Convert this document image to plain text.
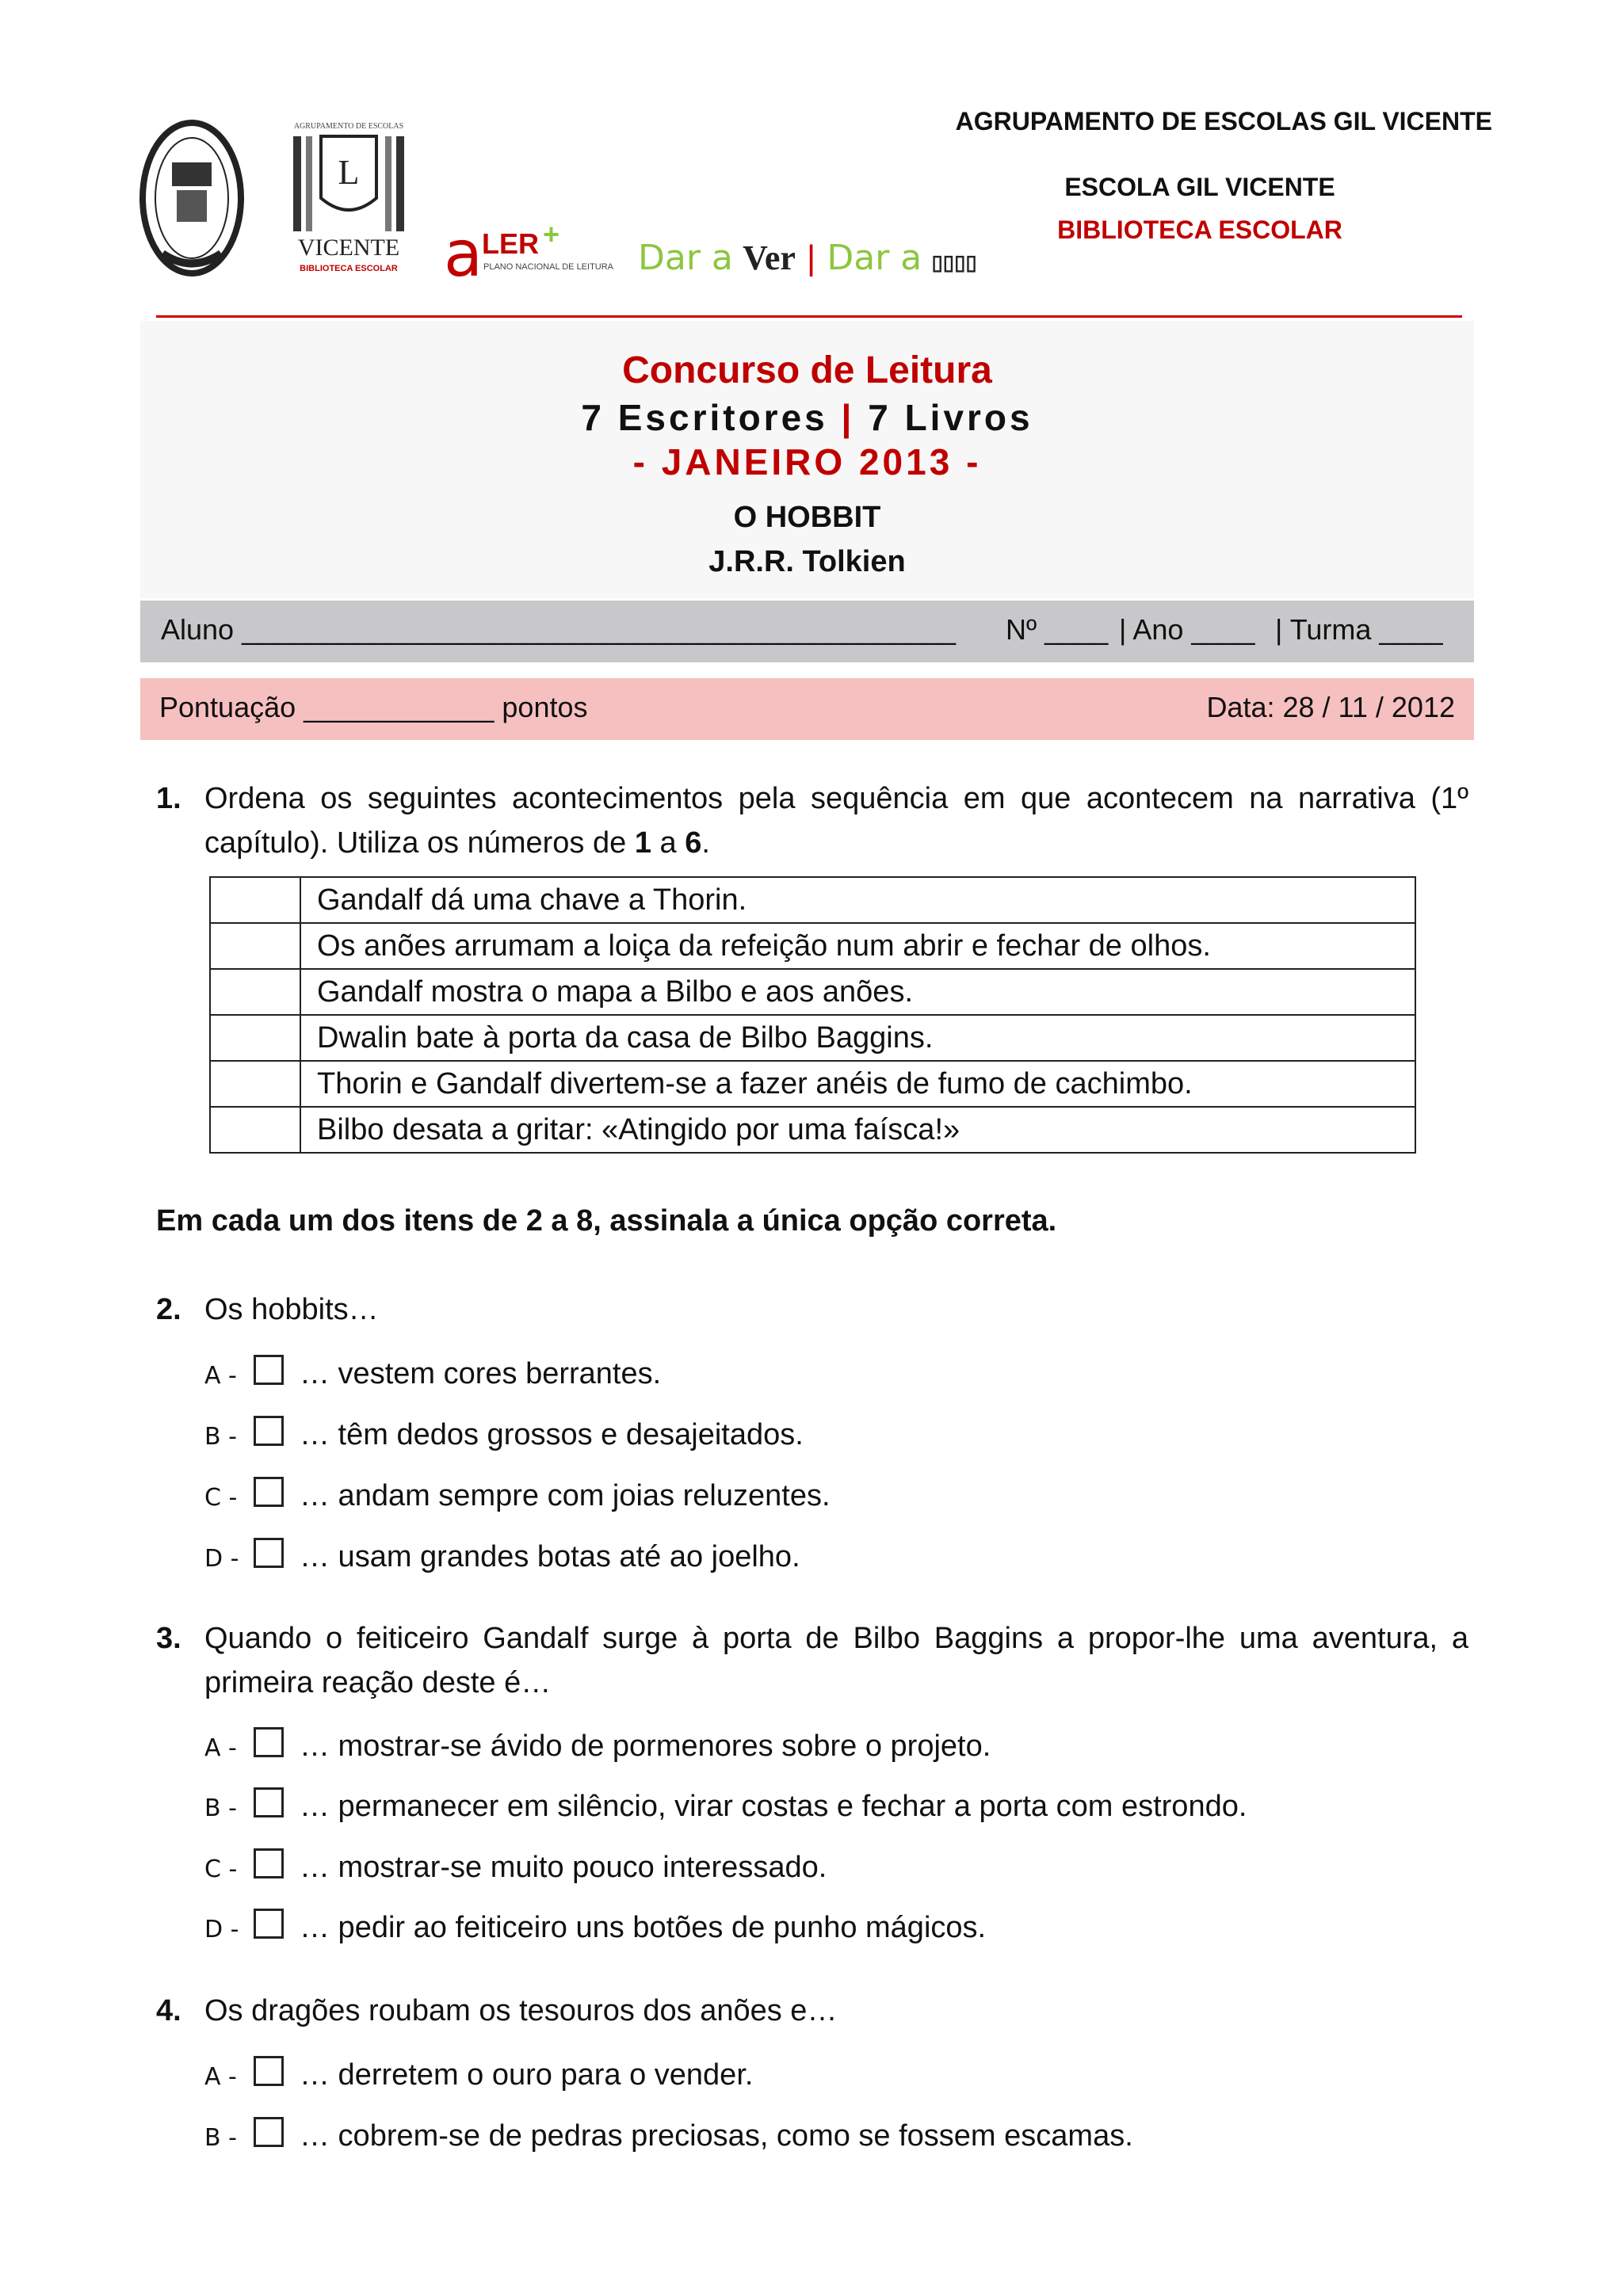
AGRUPAMENTO DE ESCOLAS GIL VICENTE
ESCOLA GIL VICENTE
BIBLIOTECA ESCOLAR
AGRUPAMENTO DE ESCOLAS
L
VICENTE
BIBLIOTECA ESCOLAR a
LER +
PLANO NACIONAL DE LEITURA Dar a Ver | Dar a ▯▯▯▯
Concurso de Leitura
7 Escritores | 7 Livros
- JANEIRO 2013 -
O HOBBIT
J.R.R. Tolkien
Aluno _____________________________________________ Nº ____ | Ano ____ | Turma ____
Pontuação ____________ pontos	Data: 28 / 11 / 2012
1. Ordena os seguintes acontecimentos pela sequência em que acontecem na narrativa (1º capítulo). Utiliza os números de 1 a 6.
	Gandalf dá uma chave a Thorin.
	Os anões arrumam a loiça da refeição num abrir e fechar de olhos.
	Gandalf mostra o mapa a Bilbo e aos anões.
	Dwalin bate à porta da casa de Bilbo Baggins.
	Thorin e Gandalf divertem-se a fazer anéis de fumo de cachimbo.
	Bilbo desata a gritar: «Atingido por uma faísca!»
Em cada um dos itens de 2 a 8, assinala a única opção correta.
2. Os hobbits…
A - … vestem cores berrantes.
B - … têm dedos grossos e desajeitados.
C - … andam sempre com joias reluzentes.
D - … usam grandes botas até ao joelho.
3. Quando o feiticeiro Gandalf surge à porta de Bilbo Baggins a propor-lhe uma aventura, a primeira reação deste é…
A - … mostrar-se ávido de pormenores sobre o projeto.
B - … permanecer em silêncio, virar costas e fechar a porta com estrondo.
C - … mostrar-se muito pouco interessado.
D - … pedir ao feiticeiro uns botões de punho mágicos.
4. Os dragões roubam os tesouros dos anões e…
A - … derretem o ouro para o vender.
B - … cobrem-se de pedras preciosas, como se fossem escamas.
